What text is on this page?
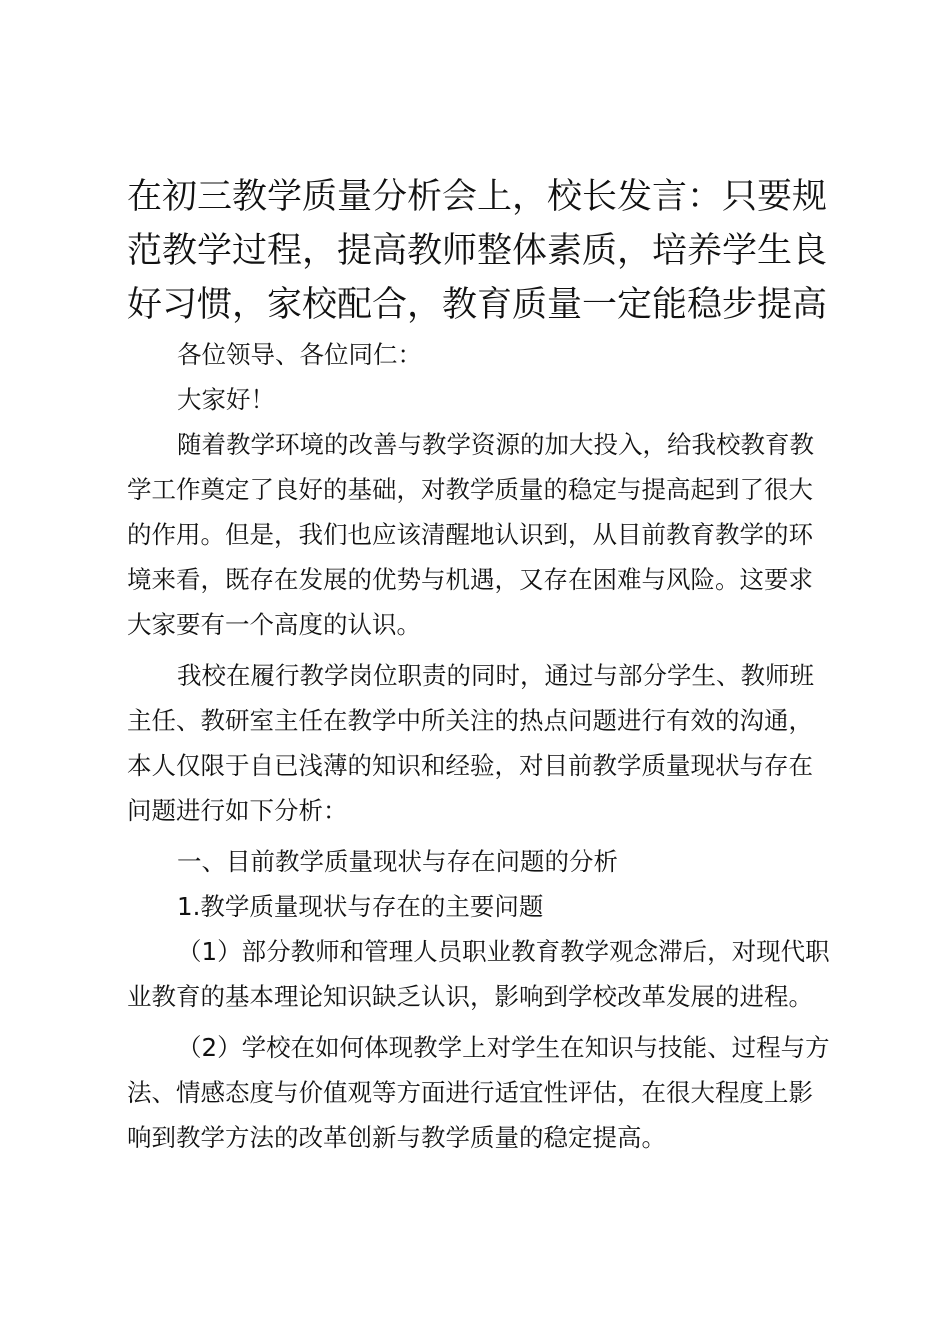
在初三教学质量分析会上，校长发言：只要规范教学过程，提高教师整体素质，培养学生良好习惯，家校配合，教育质量一定能稳步提高

各位领导、各位同仁：

大家好！

随着教学环境的改善与教学资源的加大投入，给我校教育教学工作奠定了良好的基础，对教学质量的稳定与提高起到了很大的作用。但是，我们也应该清醒地认识到，从目前教育教学的环境来看，既存在发展的优势与机遇，又存在困难与风险。这要求大家要有一个高度的认识。

我校在履行教学岗位职责的同时，通过与部分学生、教师班主任、教研室主任在教学中所关注的热点问题进行有效的沟通，本人仅限于自已浅薄的知识和经验，对目前教学质量现状与存在问题进行如下分析：

一、目前教学质量现状与存在问题的分析

1.教学质量现状与存在的主要问题

（1）部分教师和管理人员职业教育教学观念滞后，对现代职业教育的基本理论知识缺乏认识，影响到学校改革发展的进程。

（2）学校在如何体现教学上对学生在知识与技能、过程与方法、情感态度与价值观等方面进行适宜性评估，在很大程度上影响到教学方法的改革创新与教学质量的稳定提高。
